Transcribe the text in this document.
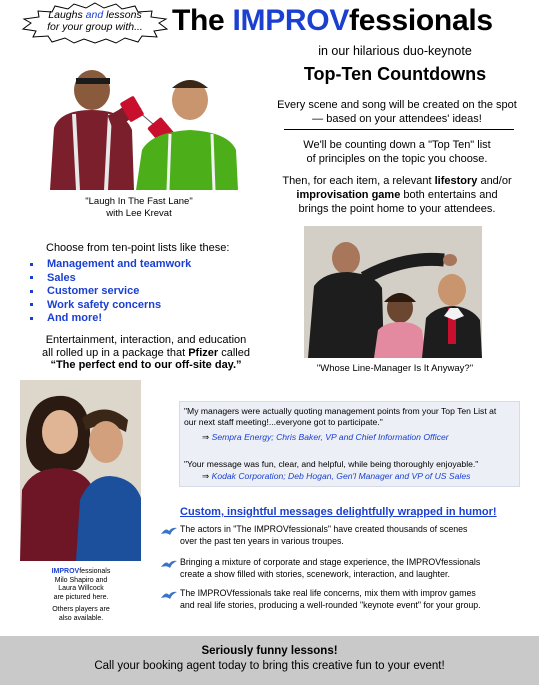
Laughs and lessons
for your group with... The IMPROVfessionals
in our hilarious duo-keynote
Top-Ten Countdowns
Every scene and song will be created on the spot
— based on your attendees' ideas!
We'll be counting down a "Top Ten" list
of principles on the topic you choose.
Then, for each item, a relevant lifestory and/or
improvisation game both entertains and
brings the point home to your attendees.
"Laugh In The Fast Lane"
with Lee Krevat
Choose from ten-point lists like these:
Management and teamwork
Sales
Customer service
Work safety concerns
And more!
Entertainment, interaction, and education
all rolled up in a package that Pfizer called
“The perfect end to our off-site day.”	"Whose Line-Manager Is It Anyway?"
IMPROVfessionals
Milo Shapiro and
Laura Willcock
are pictured here.
Others players are
also available.
"My managers were actually quoting management points from your Top Ten List at
our next staff meeting!...everyone got to participate."
⇒ Sempra Energy; Chris Baker, VP and Chief Information Officer
"Your message was fun, clear, and helpful, while being thoroughly enjoyable."
⇒ Kodak Corporation; Deb Hogan, Gen'l Manager and VP of US Sales
Custom, insightful messages delightfully wrapped in humor!
The actors in "The IMPROVfessionals" have created thousands of scenes
over the past ten years in various troupes.
Bringing a mixture of corporate and stage experience, the IMPROVfessionals
create a show filled with stories, scenework, interaction, and laughter.
The IMPROVfessionals take real life concerns, mix them with improv games
and real life stories, producing a well-rounded "keynote event" for your group.
Seriously funny lessons!
Call your booking agent today to bring this creative fun to your event!
